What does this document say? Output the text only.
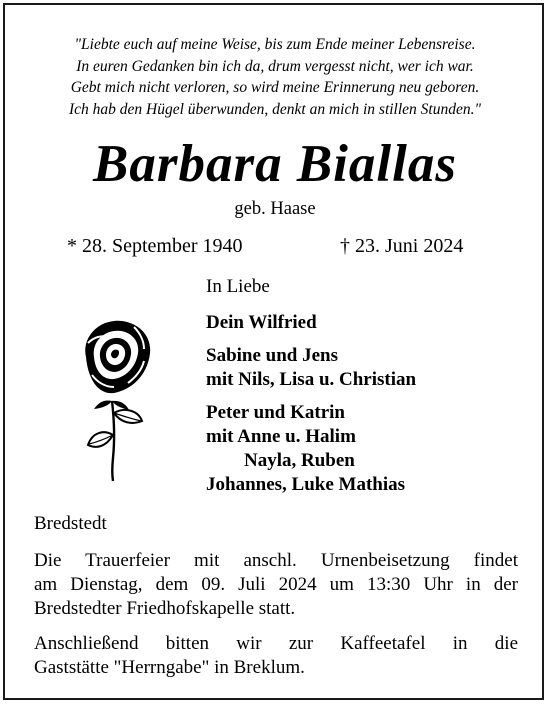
"Liebte euch auf meine Weise, bis zum Ende meiner Lebensreise.
In euren Gedanken bin ich da, drum vergesst nicht, wer ich war.
Gebt mich nicht verloren, so wird meine Erinnerung neu geboren.
Ich hab den Hügel überwunden, denkt an mich in stillen Stunden."
Barbara Biallas
geb. Haase
* 28. September 1940	† 23. Juni 2024
In Liebe
Dein Wilfried
Sabine und Jens
mit Nils, Lisa u. Christian
Peter und Katrin
mit Anne u. Halim
Nayla, Ruben
Johannes, Luke Mathias
Bredstedt
Die Trauerfeier mit anschl. Urnenbeisetzung findet
am Dienstag, dem 09. Juli 2024 um 13:30 Uhr in der
Bredstedter Friedhofskapelle statt.
Anschließend bitten wir zur Kaffeetafel in die
Gaststätte "Herrngabe" in Breklum.
